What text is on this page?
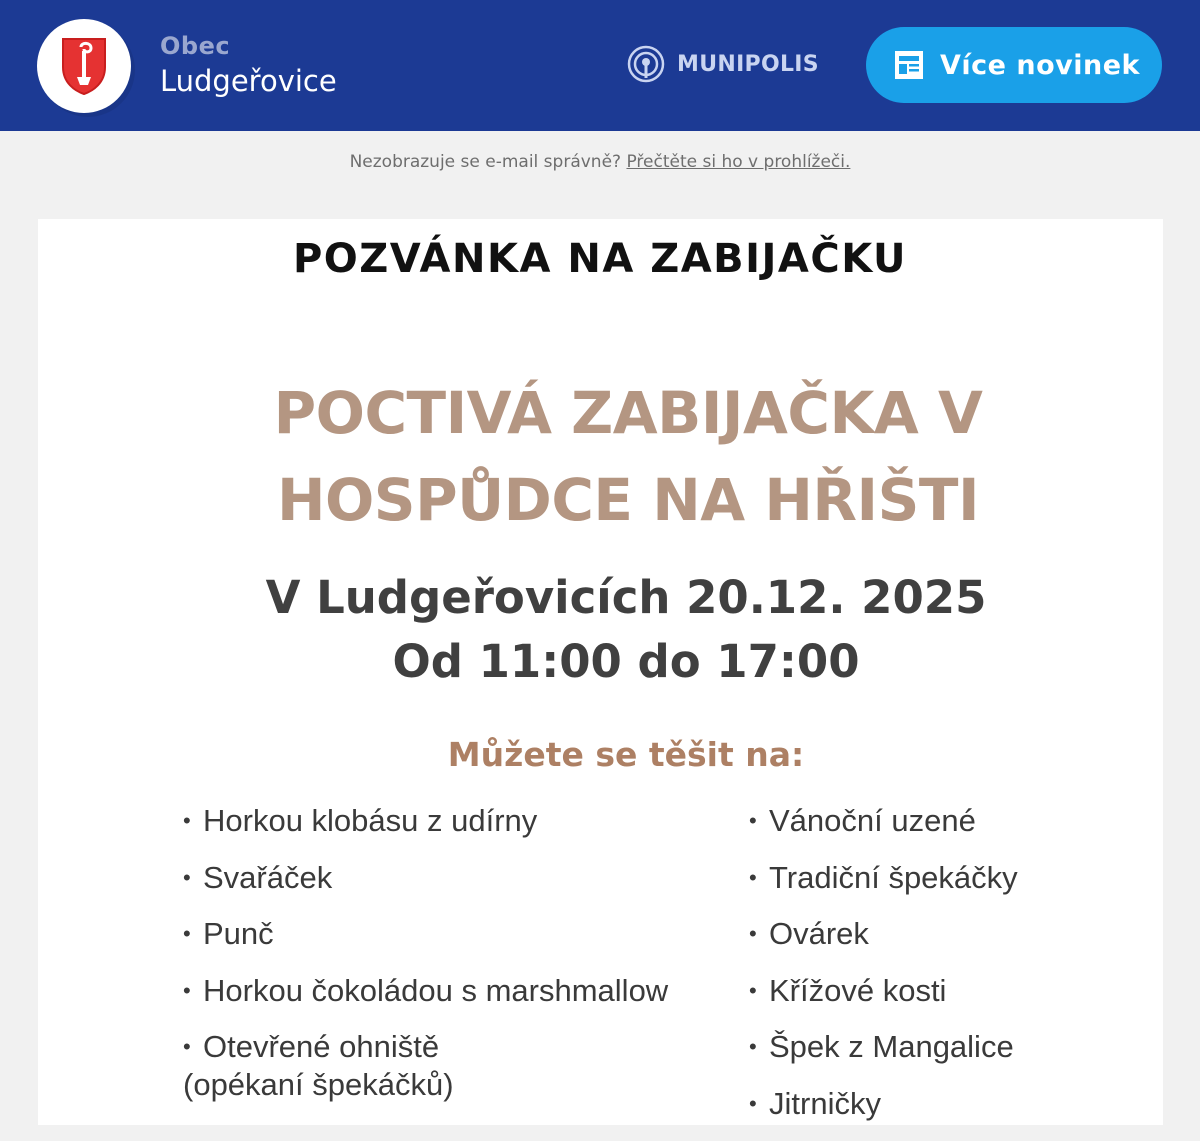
Obec
Ludgeřovice	MUNIPOLIS	Více novinek
Nezobrazuje se e-mail správně? Přečtěte si ho v prohlížeči.
POZVÁNKA NA ZABIJAČKU
POCTIVÁ ZABIJAČKA V
HOSPŮDCE NA HŘIŠTI
V Ludgeřovicích 20.12. 2025
Od 11:00 do 17:00
Můžete se těšit na:
• Horkou klobásu z udírny
• Svařáček
• Punč
• Horkou čokoládou s marshmallow
• Otevřené ohniště
(opékaní špekáčků)
• Vánoční uzené
• Tradiční špekáčky
• Ovárek
• Křížové kosti
• Špek z Mangalice
• Jitrničky
